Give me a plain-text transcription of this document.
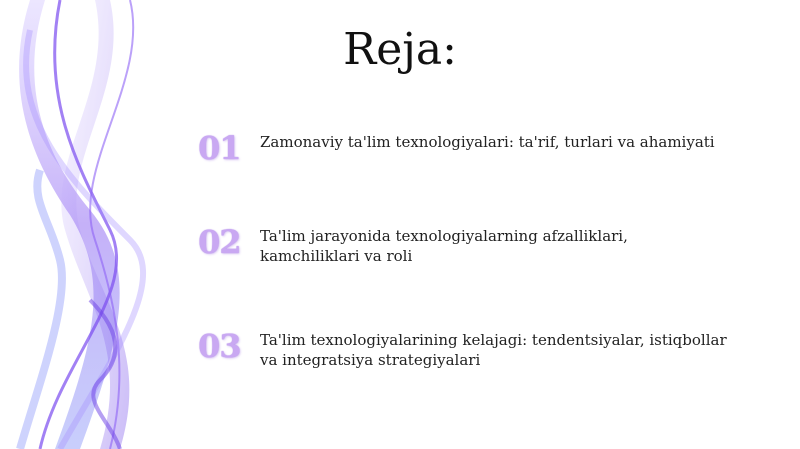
Reja:
01	Zamonaviy ta'lim texnologiyalari: ta'rif, turlari va ahamiyati
02	Ta'lim jarayonida texnologiyalarning afzalliklari, kamchiliklari va roli
03	Ta'lim texnologiyalarining kelajagi: tendentsiyalar, istiqbollar va integratsiya strategiyalari
